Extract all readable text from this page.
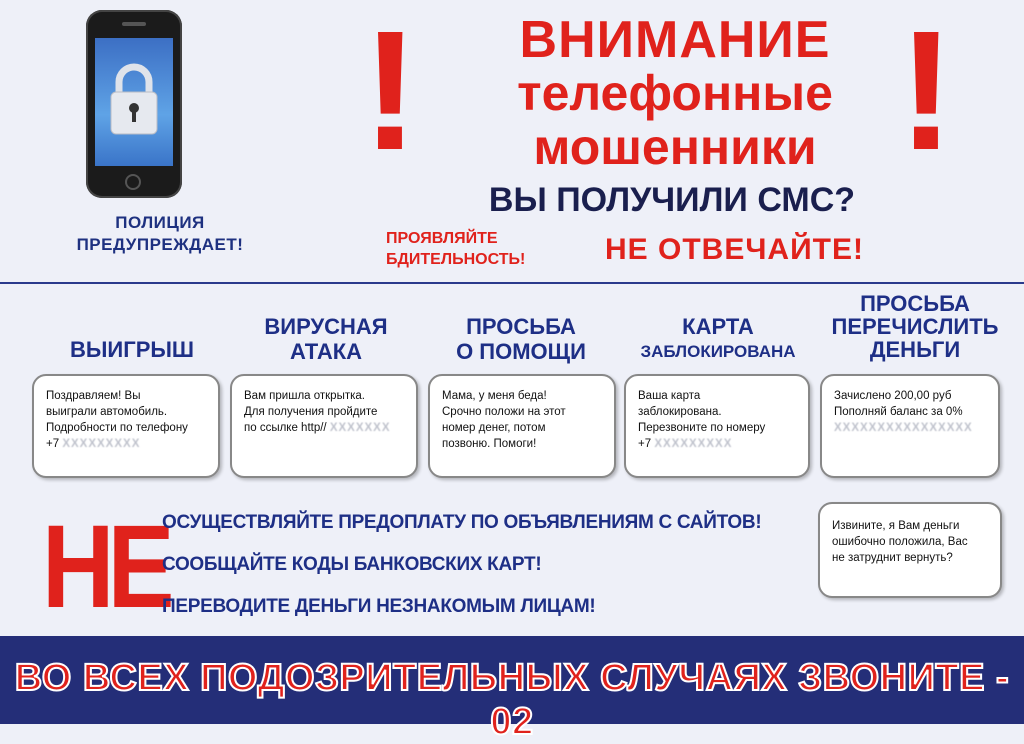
ПОЛИЦИЯ
ПРЕДУПРЕЖДАЕТ!
!	!
ВНИМАНИЕ
телефонные
мошенники
ВЫ ПОЛУЧИЛИ СМС?
ПРОЯВЛЯЙТЕ
БДИТЕЛЬНОСТЬ!	НЕ ОТВЕЧАЙТЕ!
ВЫИГРЫШ
ВИРУСНАЯ
АТАКА
ПРОСЬБА
О ПОМОЩИ
КАРТА
ЗАБЛОКИРОВАНА
ПРОСЬБА
ПЕРЕЧИСЛИТЬ
ДЕНЬГИ
Поздравляем! Вы
выиграли автомобиль.
Подробности по телефону
+7 XXXXXXXXX
Вам пришла открытка.
Для получения пройдите
по ссылке http// XXXXXXX
Мама, у меня беда!
Срочно положи на этот
номер денег, потом
позвоню. Помоги!
Ваша карта
заблокирована.
Перезвоните по номеру
+7 XXXXXXXXX
Зачислено 200,00 руб
Пополняй баланс за 0%
XXXXXXXXXXXXXXXX
Извините, я Вам деньги
ошибочно положила, Вас
не затруднит вернуть?
НЕ
ОСУЩЕСТВЛЯЙТЕ ПРЕДОПЛАТУ ПО ОБЪЯВЛЕНИЯМ С САЙТОВ!
СООБЩАЙТЕ КОДЫ БАНКОВСКИХ КАРТ!
ПЕРЕВОДИТЕ ДЕНЬГИ НЕЗНАКОМЫМ ЛИЦАМ!
ВО ВСЕХ ПОДОЗРИТЕЛЬНЫХ СЛУЧАЯХ ЗВОНИТЕ - 02
